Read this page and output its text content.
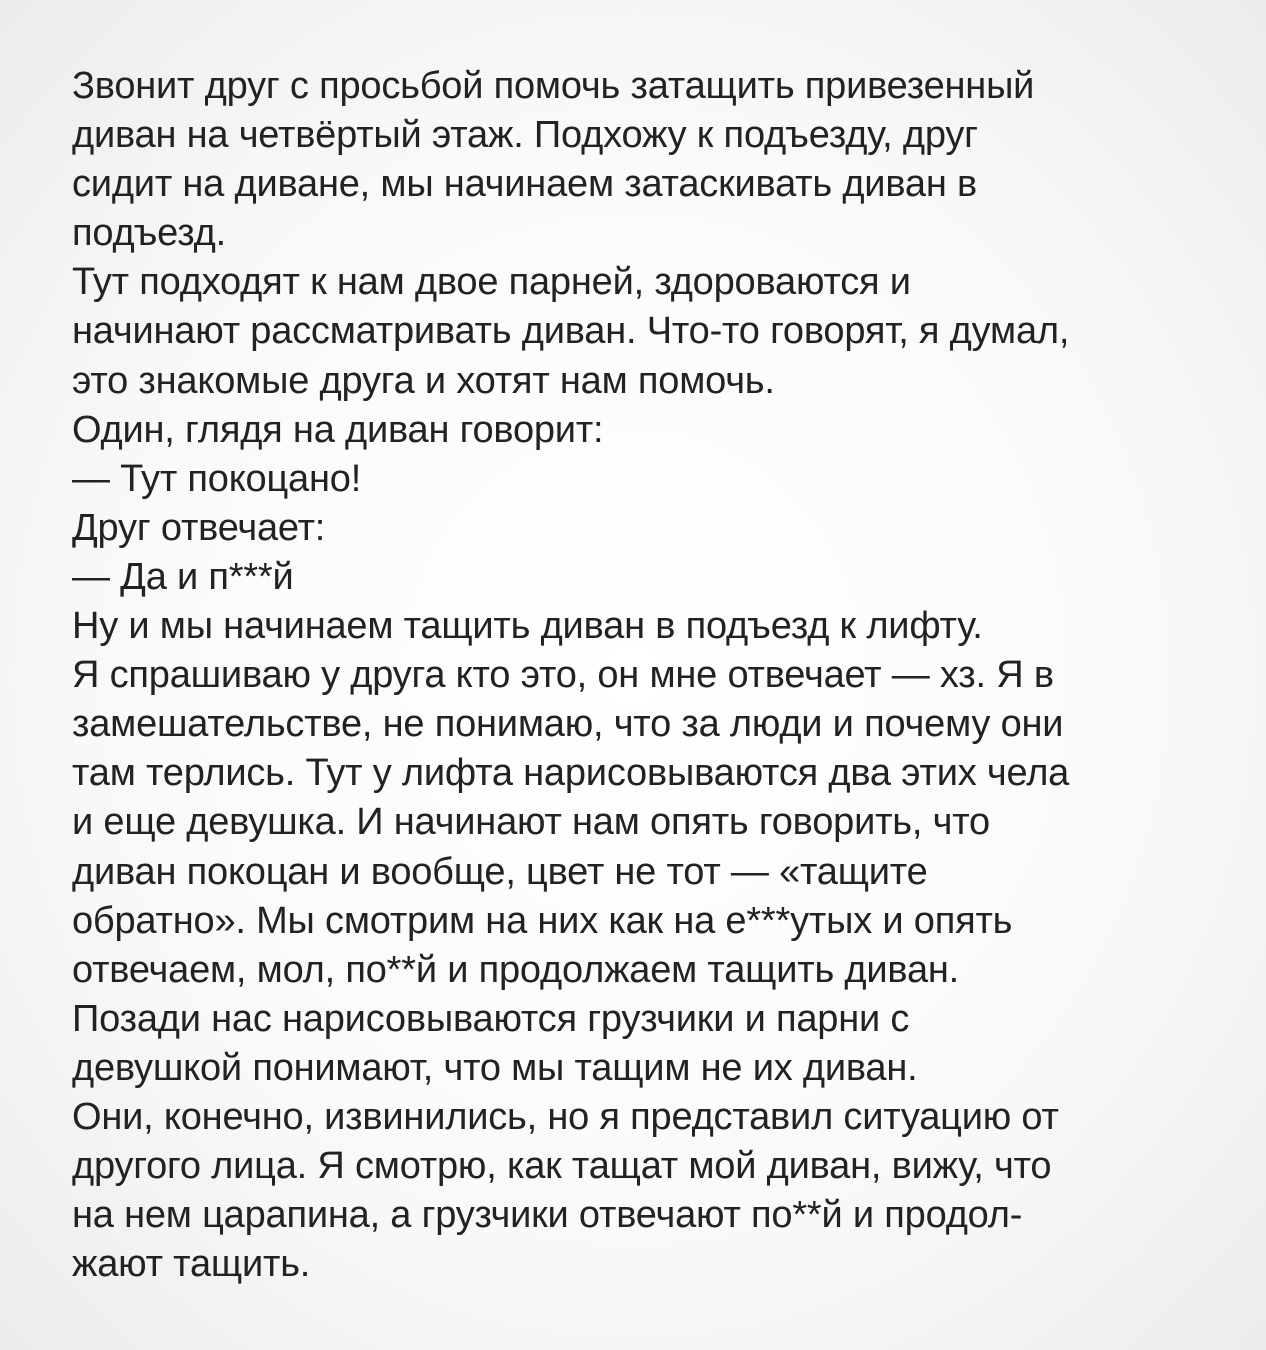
Звонит друг с просьбой помочь затащить привезенный
диван на четвёртый этаж. Подхожу к подъезду, друг
сидит на диване, мы начинаем затаскивать диван в
подъезд.
Тут подходят к нам двое парней, здороваются и
начинают рассматривать диван. Что-то говорят, я думал,
это знакомые друга и хотят нам помочь.
Один, глядя на диван говорит:
— Тут покоцано!
Друг отвечает:
— Да и п***й
Ну и мы начинаем тащить диван в подъезд к лифту.
Я спрашиваю у друга кто это, он мне отвечает — хз. Я в
замешательстве, не понимаю, что за люди и почему они
там терлись. Тут у лифта нарисовываются два этих чела
и еще девушка. И начинают нам опять говорить, что
диван покоцан и вообще, цвет не тот — «тащите
обратно». Мы смотрим на них как на е***утых и опять
отвечаем, мол, по**й и продолжаем тащить диван.
Позади нас нарисовываются грузчики и парни с
девушкой понимают, что мы тащим не их диван.
Они, конечно, извинились, но я представил ситуацию от
другого лица. Я смотрю, как тащат мой диван, вижу, что
на нем царапина, а грузчики отвечают по**й и продол-
жают тащить.
